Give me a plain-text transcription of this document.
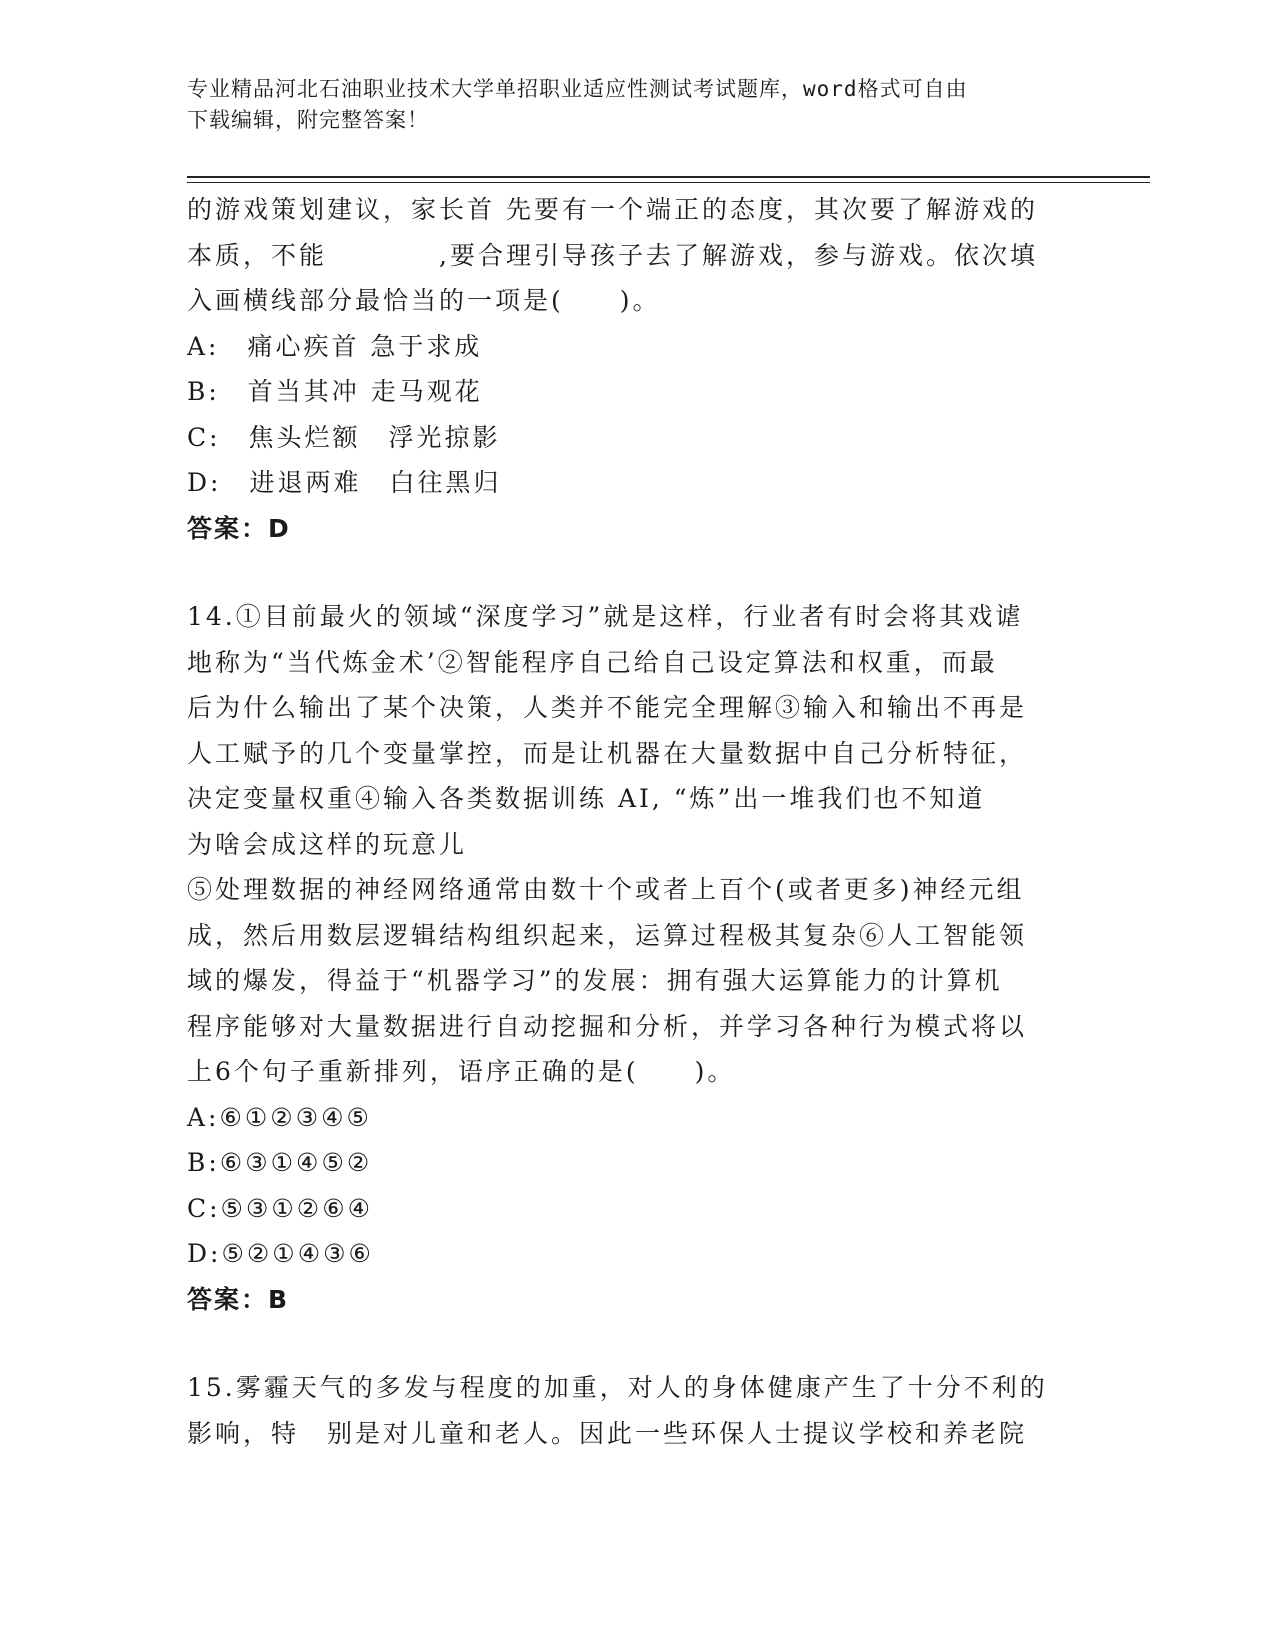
专业精品河北石油职业技术大学单招职业适应性测试考试题库，word格式可自由

下载编辑，附完整答案！

的游戏策划建议，家长首 先要有一个端正的态度，其次要了解游戏的

本质，不能　　　　,要合理引导孩子去了解游戏，参与游戏。依次填

入画横线部分最恰当的一项是(　　)。

A:　痛心疾首 急于求成

B:　首当其冲 走马观花

C:　焦头烂额　浮光掠影

D:　进退两难　白往黑归

答案：D

14.①目前最火的领域“深度学习”就是这样，行业者有时会将其戏谑

地称为“当代炼金术’②智能程序自己给自己设定算法和权重，而最

后为什么输出了某个决策，人类并不能完全理解③输入和输出不再是

人工赋予的几个变量掌控，而是让机器在大量数据中自己分析特征，

决定变量权重④输入各类数据训练 AI, “炼”出一堆我们也不知道

为啥会成这样的玩意儿

⑤处理数据的神经网络通常由数十个或者上百个(或者更多)神经元组

成，然后用数层逻辑结构组织起来，运算过程极其复杂⑥人工智能领

域的爆发，得益于“机器学习”的发展：拥有强大运算能力的计算机

程序能够对大量数据进行自动挖掘和分析，并学习各种行为模式将以

上6个句子重新排列，语序正确的是(　　)。

A:⑥①②③④⑤

B:⑥③①④⑤②

C:⑤③①②⑥④

D:⑤②①④③⑥

答案：B

15.雾霾天气的多发与程度的加重，对人的身体健康产生了十分不利的

影响，特　别是对儿童和老人。因此一些环保人士提议学校和养老院
